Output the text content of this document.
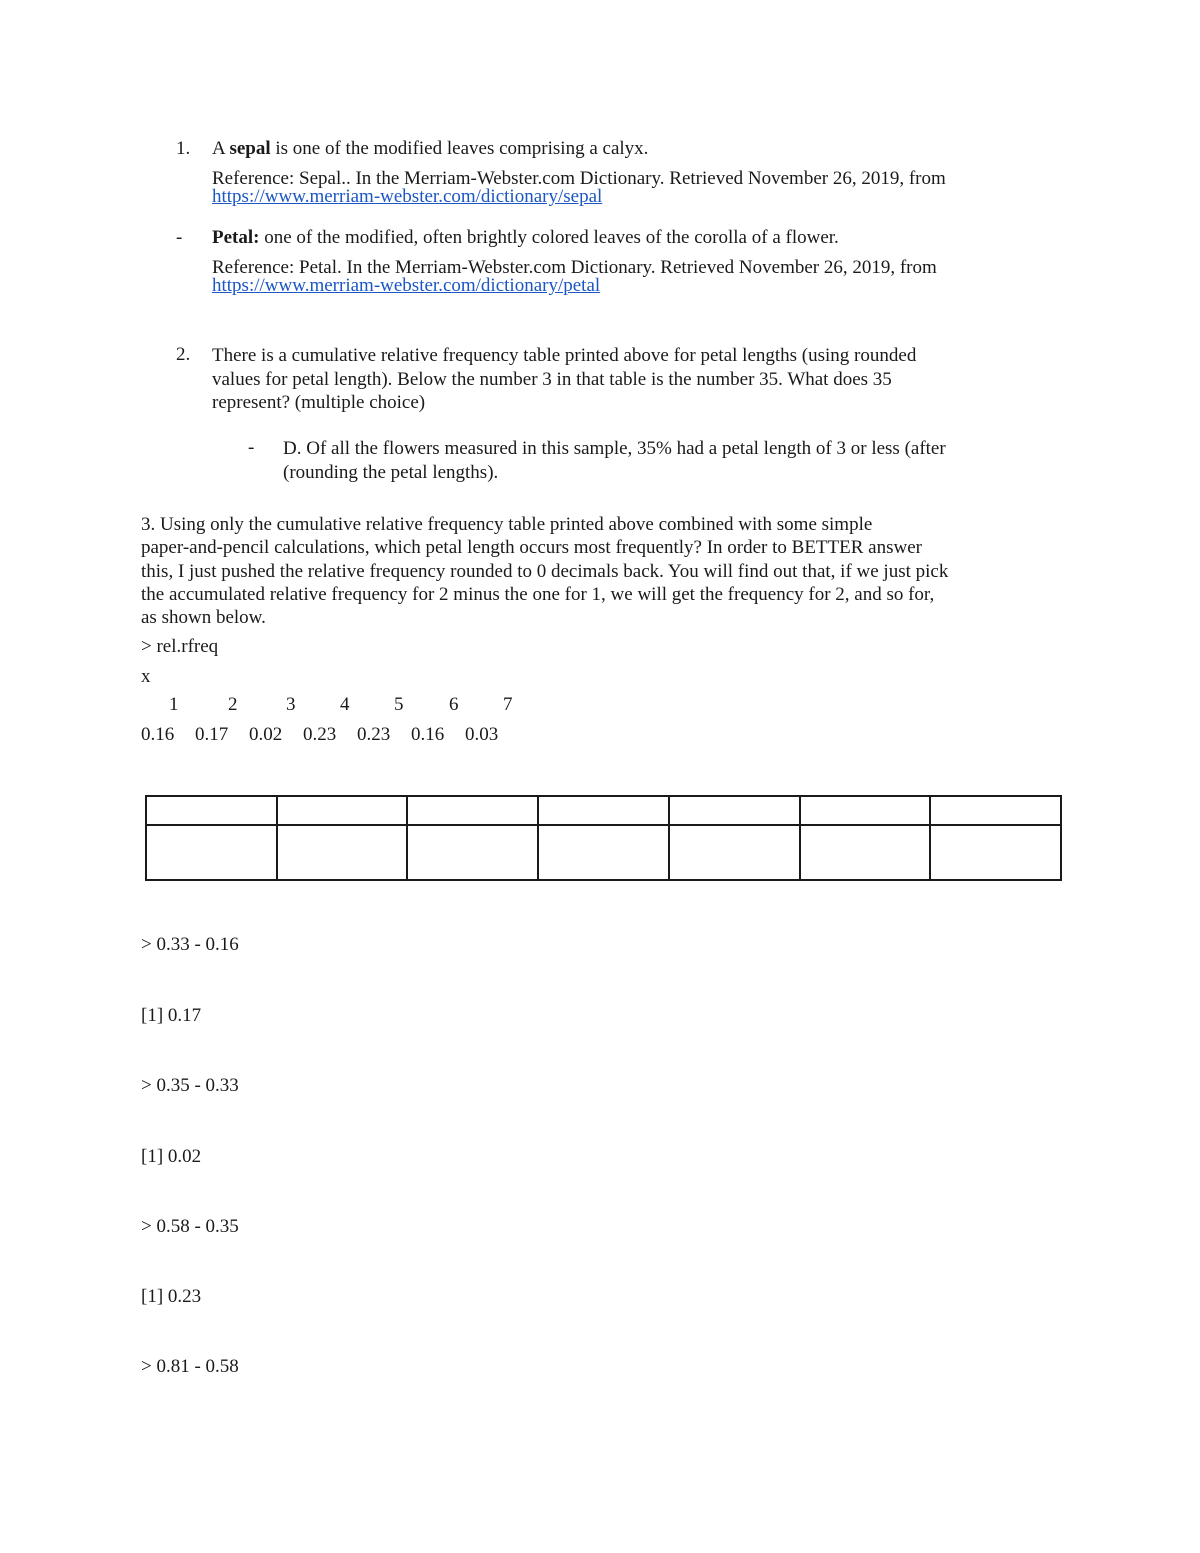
1. A sepal is one of the modified leaves comprising a calyx.
Reference: Sepal.. In the Merriam-Webster.com Dictionary. Retrieved November 26, 2019, from
https://www.merriam-webster.com/dictionary/sepal
- Petal: one of the modified, often brightly colored leaves of the corolla of a flower.
Reference: Petal. In the Merriam-Webster.com Dictionary. Retrieved November 26, 2019, from
https://www.merriam-webster.com/dictionary/petal
2. There is a cumulative relative frequency table printed above for petal lengths (using rounded
values for petal length). Below the number 3 in that table is the number 35. What does 35
represent? (multiple choice)
- D. Of all the flowers measured in this sample, 35% had a petal length of 3 or less (after
(rounding the petal lengths).
3. Using only the cumulative relative frequency table printed above combined with some simple
paper-and-pencil calculations, which petal length occurs most frequently? In order to BETTER answer
this, I just pushed the relative frequency rounded to 0 decimals back. You will find out that, if we just pick
the accumulated relative frequency for 2 minus the one for 1, we will get the frequency for 2, and so for,
as shown below.
> rel.rfreq
x
1	2	3 4 5 6 7
0.16 0.17 0.02 0.23 0.23 0.16 0.03

> 0.33 - 0.16
[1] 0.17
> 0.35 - 0.33
[1] 0.02
> 0.58 - 0.35
[1] 0.23
> 0.81 - 0.58
